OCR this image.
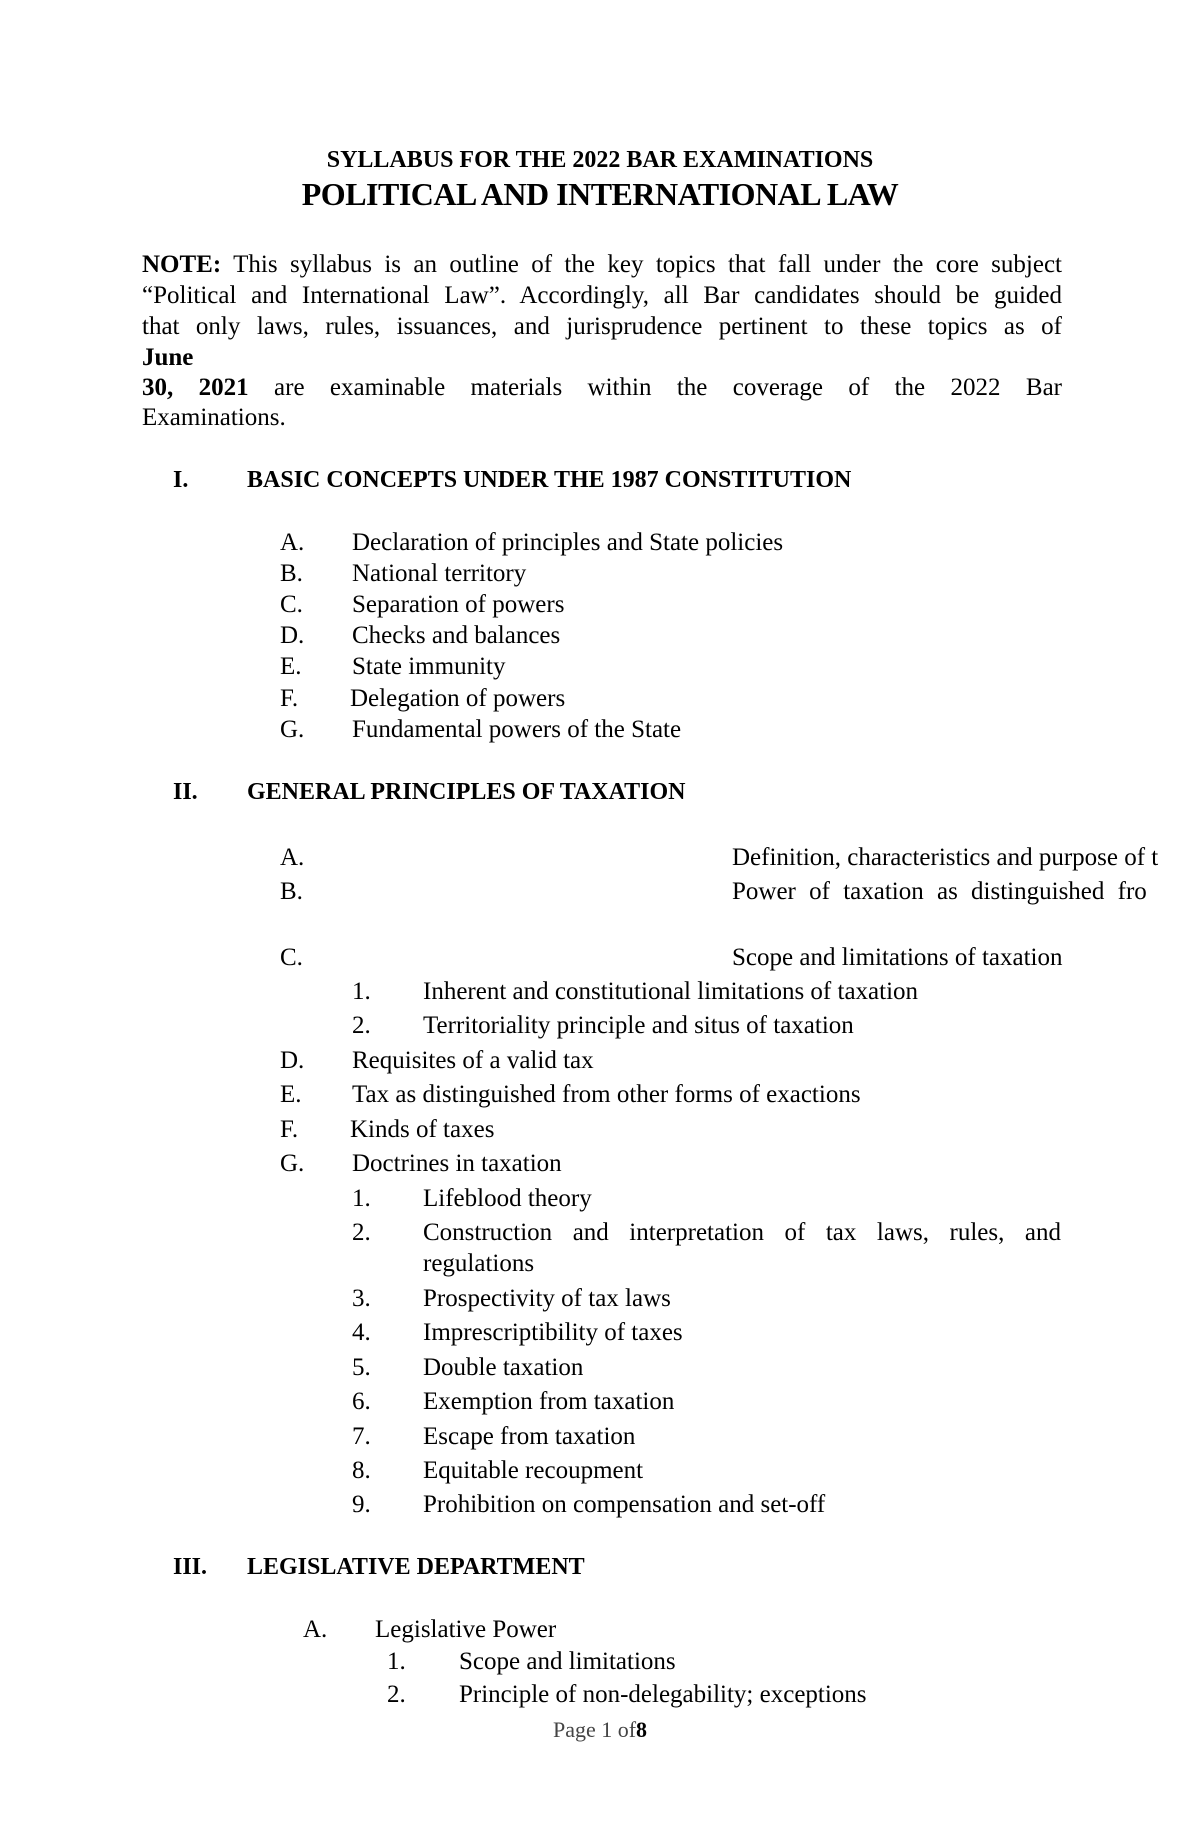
SYLLABUS FOR THE 2022 BAR EXAMINATIONS
POLITICAL AND INTERNATIONAL LAW
NOTE: This syllabus is an outline of the key topics that fall under the core subject
“Political and International Law”. Accordingly, all Bar candidates should be guided
that only laws, rules, issuances, and jurisprudence pertinent to these topics as of
June
30, 2021 are examinable materials within the coverage of the 2022 Bar
Examinations.
I. BASIC CONCEPTS UNDER THE 1987 CONSTITUTION
A. Declaration of principles and State policies
B. National territory
C. Separation of powers
D. Checks and balances
E. State immunity
F. Delegation of powers
G. Fundamental powers of the State
II. GENERAL PRINCIPLES OF TAXATION
A.	Definition, characteristics and purpose of t
B.	Power of taxation as distinguished fro
C.	Scope and limitations of taxation
1. Inherent and constitutional limitations of taxation
2. Territoriality principle and situs of taxation
D. Requisites of a valid tax
E. Tax as distinguished from other forms of exactions
F. Kinds of taxes
G. Doctrines in taxation
1. Lifeblood theory
2. Construction and interpretation of tax laws, rules, and
regulations
3. Prospectivity of tax laws
4. Imprescriptibility of taxes
5. Double taxation
6. Exemption from taxation
7. Escape from taxation
8. Equitable recoupment
9. Prohibition on compensation and set-off
III. LEGISLATIVE DEPARTMENT
A. Legislative Power
1. Scope and limitations
2. Principle of non-delegability; exceptions
Page 1 of8
